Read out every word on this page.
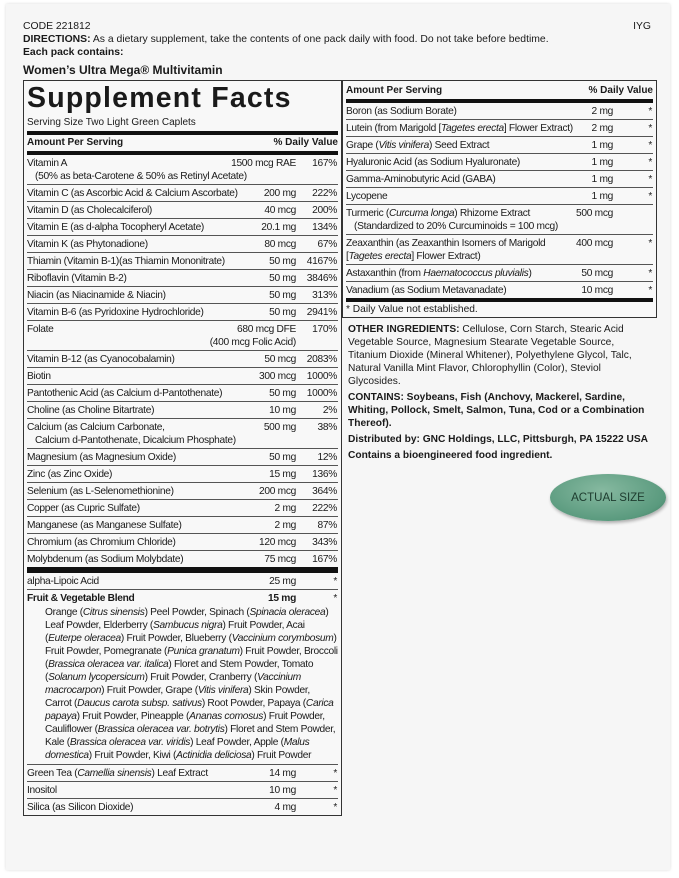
CODE 221812	IYG
DIRECTIONS: As a dietary supplement, take the contents of one pack daily with food. Do not take before bedtime.
Each pack contains:
Women’s Ultra Mega® Multivitamin
Supplement Facts
Serving Size Two Light Green Caplets
Amount Per Serving	% Daily Value
Vitamin A
(50% as beta-Carotene & 50% as Retinyl Acetate)
1500 mcg RAE 167%
Vitamin C (as Ascorbic Acid & Calcium Ascorbate)	200 mg 222%
Vitamin D (as Cholecalciferol)	40 mcg 200%
Vitamin E (as d-alpha Tocopheryl Acetate)	20.1 mg 134%
Vitamin K (as Phytonadione)	80 mcg 67%
Thiamin (Vitamin B-1)(as Thiamin Mononitrate)	50 mg 4167%
Riboflavin (Vitamin B-2)	50 mg 3846%
Niacin (as Niacinamide & Niacin)	50 mg 313%
Vitamin B-6 (as Pyridoxine Hydrochloride)	50 mg 2941%
Folate	680 mcg DFE
(400 mcg Folic Acid)
170%
Vitamin B-12 (as Cyanocobalamin)	50 mcg 2083%
Biotin	300 mcg 1000%
Pantothenic Acid (as Calcium d-Pantothenate)	50 mg 1000%
Choline (as Choline Bitartrate)	10 mg	2%
Calcium (as Calcium Carbonate,
Calcium d-Pantothenate, Dicalcium Phosphate)
500 mg 38%
Magnesium (as Magnesium Oxide)	50 mg 12%
Zinc (as Zinc Oxide)	15 mg 136%
Selenium (as L-Selenomethionine)	200 mcg 364%
Copper (as Cupric Sulfate)	2 mg 222%
Manganese (as Manganese Sulfate)	2 mg 87%
Chromium (as Chromium Chloride)	120 mcg 343%
Molybdenum (as Sodium Molybdate)	75 mcg 167%
alpha-Lipoic Acid	25 mg	*
Fruit & Vegetable Blend	15 mg	*
Orange (Citrus sinensis) Peel Powder, Spinach (Spinacia oleracea) Leaf Powder, Elderberry (Sambucus nigra) Fruit Powder, Acai (Euterpe oleracea) Fruit Powder, Blueberry (Vaccinium corymbosum) Fruit Powder, Pomegranate (Punica granatum) Fruit Powder, Broccoli (Brassica oleracea var. italica) Floret and Stem Powder, Tomato (Solanum lycopersicum) Fruit Powder, Cranberry (Vaccinium macrocarpon) Fruit Powder, Grape (Vitis vinifera) Skin Powder, Carrot (Daucus carota subsp. sativus) Root Powder, Papaya (Carica papaya) Fruit Powder, Pineapple (Ananas comosus) Fruit Powder, Cauliflower (Brassica oleracea var. botrytis) Floret and Stem Powder, Kale (Brassica oleracea var. viridis) Leaf Powder, Apple (Malus domestica) Fruit Powder, Kiwi (Actinidia deliciosa) Fruit Powder
Green Tea (Camellia sinensis) Leaf Extract	14 mg	*
Inositol	10 mg	*
Silica (as Silicon Dioxide)	4 mg	*
Amount Per Serving	% Daily Value
Boron (as Sodium Borate)	2 mg	*
Lutein (from Marigold [Tagetes erecta] Flower Extract)	2 mg	*
Grape (Vitis vinifera) Seed Extract	1 mg	*
Hyaluronic Acid (as Sodium Hyaluronate)	1 mg	*
Gamma-Aminobutyric Acid (GABA)	1 mg	*
Lycopene	1 mg	*
Turmeric (Curcuma longa) Rhizome Extract
(Standardized to 20% Curcuminoids = 100 mcg)
500 mcg
Zeaxanthin (as Zeaxanthin Isomers of Marigold
[Tagetes erecta] Flower Extract)
400 mcg	*
Astaxanthin (from Haematococcus pluvialis)	50 mcg	*
Vanadium (as Sodium Metavanadate)	10 mcg	*
* Daily Value not established.

OTHER INGREDIENTS: Cellulose, Corn Starch, Stearic Acid Vegetable Source, Magnesium Stearate Vegetable Source, Titanium Dioxide (Mineral Whitener), Polyethylene Glycol, Talc, Natural Vanilla Mint Flavor, Chlorophyllin (Color), Steviol Glycosides.

CONTAINS: Soybeans, Fish (Anchovy, Mackerel, Sardine, Whiting, Pollock, Smelt, Salmon, Tuna, Cod or a Combination Thereof).

Distributed by: GNC Holdings, LLC, Pittsburgh, PA 15222 USA

Contains a bioengineered food ingredient.

ACTUAL SIZE
